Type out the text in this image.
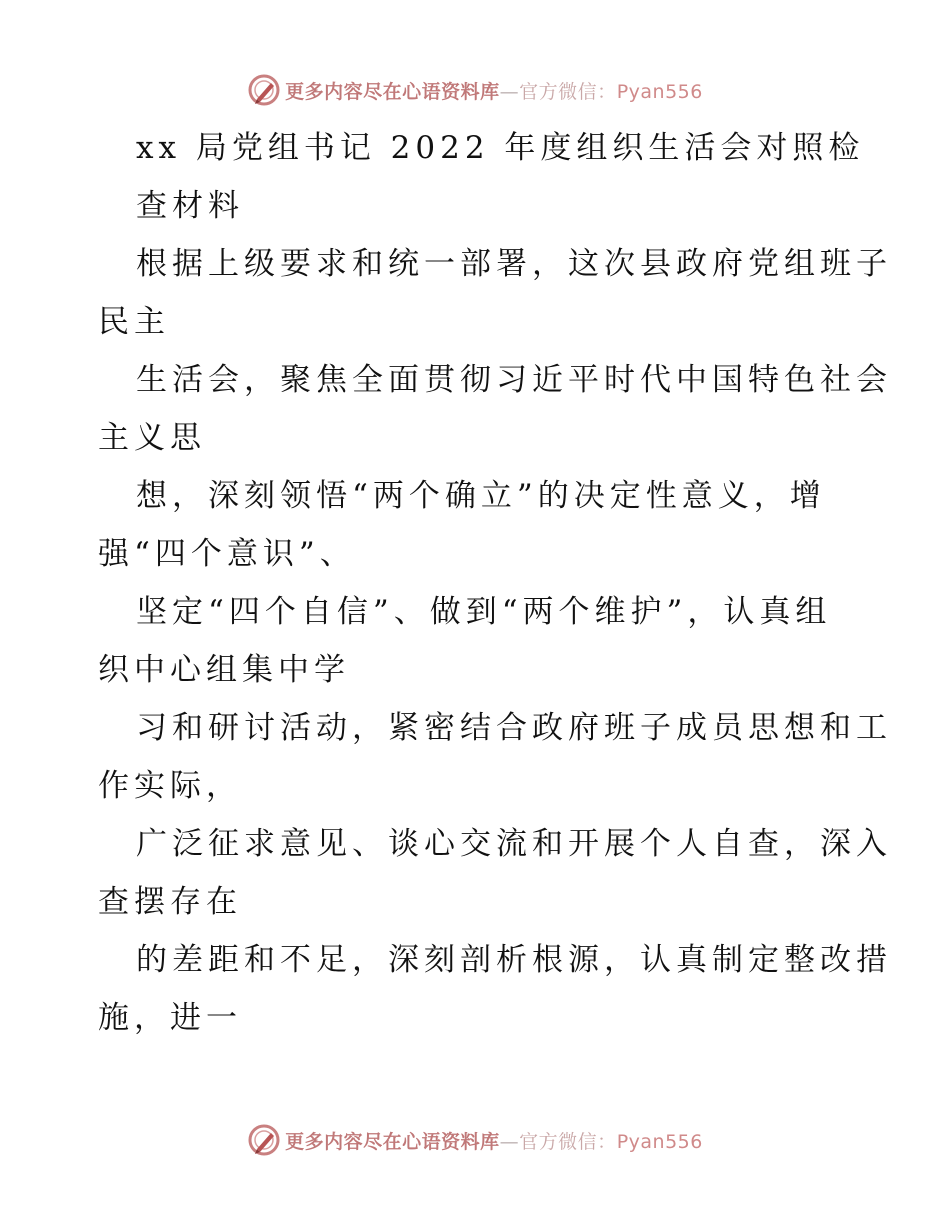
更多内容尽在心语资料库—官方微信：Pyan556
xx 局党组书记 2022 年度组织生活会对照检
查材料
根据上级要求和统一部署，这次县政府党组班子
民主
生活会，聚焦全面贯彻习近平时代中国特色社会
主义思
想，深刻领悟“两个确立”的决定性意义，增
强“四个意识”、
坚定“四个自信”、做到“两个维护”，认真组
织中心组集中学
习和研讨活动，紧密结合政府班子成员思想和工
作实际，
广泛征求意见、谈心交流和开展个人自查，深入
查摆存在
的差距和不足，深刻剖析根源，认真制定整改措
施，进一
更多内容尽在心语资料库—官方微信：Pyan556
